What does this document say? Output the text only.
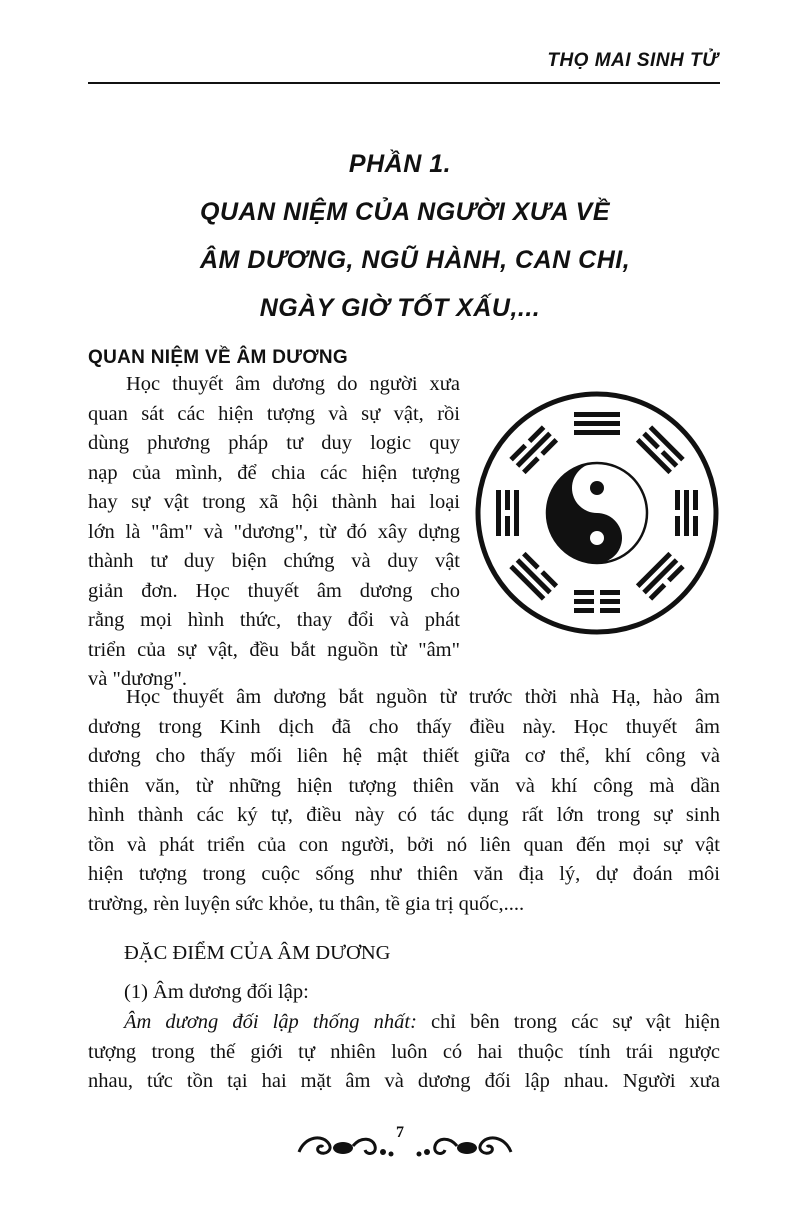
THỌ MAI SINH TỬ
PHẦN 1.
QUAN NIỆM CỦA NGƯỜI XƯA VỀ
ÂM DƯƠNG, NGŨ HÀNH, CAN CHI,
NGÀY GIỜ TỐT XẤU,...
QUAN NIỆM VỀ ÂM DƯƠNG
Học thuyết âm dương do người xưa
quan sát các hiện tượng và sự vật, rồi
dùng phương pháp tư duy logic quy
nạp của mình, để chia các hiện tượng
hay sự vật trong xã hội thành hai loại
lớn là "âm" và "dương", từ đó xây dựng
thành tư duy biện chứng và duy vật
giản đơn. Học thuyết âm dương cho
rằng mọi hình thức, thay đổi và phát
triển của sự vật, đều bắt nguồn từ "âm"
và "dương".
Học thuyết âm dương bắt nguồn từ trước thời nhà Hạ, hào âm
dương trong Kinh dịch đã cho thấy điều này. Học thuyết âm
dương cho thấy mối liên hệ mật thiết giữa cơ thể, khí công và
thiên văn, từ những hiện tượng thiên văn và khí công mà dần
hình thành các ký tự, điều này có tác dụng rất lớn trong sự sinh
tồn và phát triển của con người, bởi nó liên quan đến mọi sự vật
hiện tượng trong cuộc sống như thiên văn địa lý, dự đoán môi
trường, rèn luyện sức khỏe, tu thân, tề gia trị quốc,....
ĐẶC ĐIỂM CỦA ÂM DƯƠNG
(1) Âm dương đối lập:
Âm dương đối lập thống nhất: chỉ bên trong các sự vật hiện
tượng trong thế giới tự nhiên luôn có hai thuộc tính trái ngược
nhau, tức tồn tại hai mặt âm và dương đối lập nhau. Người xưa
7
